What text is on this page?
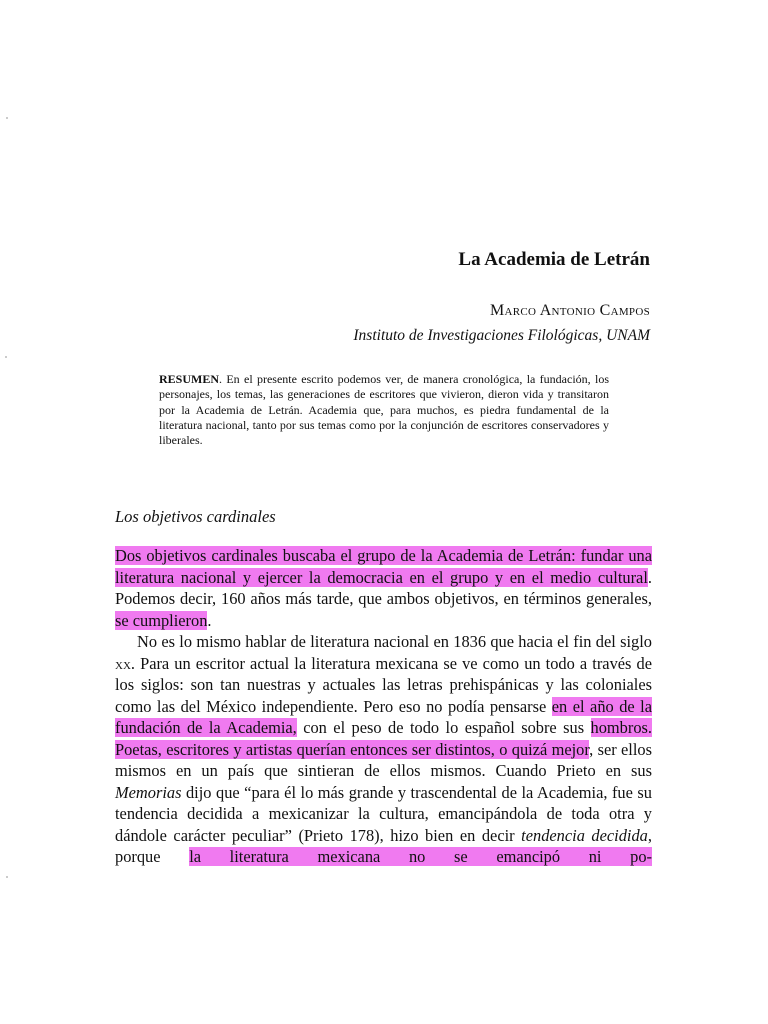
La Academia de Letrán
Marco Antonio Campos
Instituto de Investigaciones Filológicas, UNAM
RESUMEN. En el presente escrito podemos ver, de manera cronológica, la fundación, los personajes, los temas, las generaciones de escritores que vivieron, dieron vida y transitaron por la Academia de Letrán. Academia que, para muchos, es piedra fundamental de la literatura nacional, tanto por sus temas como por la conjunción de escritores conservadores y liberales.
Los objetivos cardinales

Dos objetivos cardinales buscaba el grupo de la Academia de Letrán: fundar una literatura nacional y ejercer la democracia en el grupo y en el medio cultural. Podemos decir, 160 años más tarde, que ambos objetivos, en términos generales, se cumplieron.

No es lo mismo hablar de literatura nacional en 1836 que hacia el fin del siglo xx. Para un escritor actual la literatura mexicana se ve como un todo a través de los siglos: son tan nuestras y actuales las letras prehispánicas y las coloniales como las del México independiente. Pero eso no podía pensarse en el año de la fundación de la Academia, con el peso de todo lo español sobre sus hombros. Poetas, escritores y artistas querían entonces ser distintos, o quizá mejor, ser ellos mismos en un país que sintieran de ellos mismos. Cuando Prieto en sus Memorias dijo que “para él lo más grande y trascendental de la Academia, fue su tendencia decidida a mexicanizar la cultura, emancipándola de toda otra y dándole carácter peculiar” (Prieto 178), hizo bien en decir tendencia decidida, porque la literatura mexicana no se emancipó ni po-
